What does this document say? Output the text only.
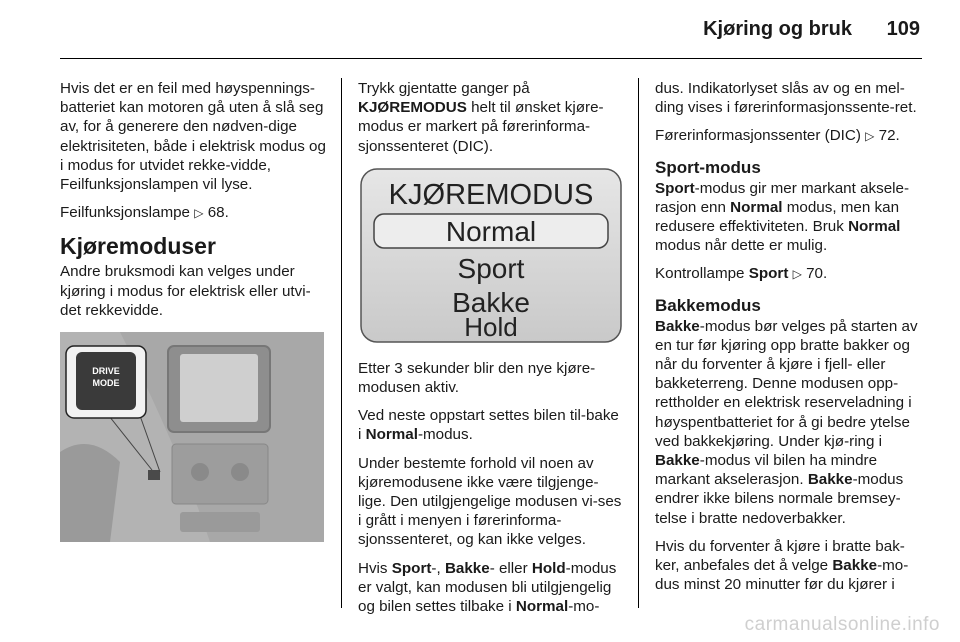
Kjøring og bruk 109

Hvis det er en feil med høyspennings-batteriet kan motoren gå uten å slå seg av, for å generere den nødven-dige elektrisiteten, både i elektrisk modus og i modus for utvidet rekke-vidde, Feilfunksjonslampen vil lyse.

Feilfunksjonslampe ▷ 68.

Kjøremoduser

Andre bruksmodi kan velges under kjøring i modus for elektrisk eller utvi-det rekkevidde.

DRIVE
MODE

Trykk gjentatte ganger på
KJØREMODUS helt til ønsket kjøre-modus er markert på førerinforma-sjonssenteret (DIC).

KJØREMODUS
Normal
Sport
Bakke
Hold

Etter 3 sekunder blir den nye kjøre-modusen aktiv.

Ved neste oppstart settes bilen til-bake i Normal-modus.

Under bestemte forhold vil noen av kjøremodusene ikke være tilgjenge-lige. Den utilgjengelige modusen vi-ses i grått i menyen i førerinforma-sjonssenteret, og kan ikke velges.

Hvis Sport-, Bakke- eller Hold-modus er valgt, kan modusen bli utilgjengelig og bilen settes tilbake i Normal-mo-

dus. Indikatorlyset slås av og en mel-ding vises i førerinformasjonssente-ret.

Førerinformasjonssenter (DIC) ▷ 72.

Sport-modus

Sport-modus gir mer markant aksele-rasjon enn Normal modus, men kan redusere effektiviteten. Bruk Normal modus når dette er mulig.

Kontrollampe Sport ▷ 70.

Bakkemodus

Bakke-modus bør velges på starten av en tur før kjøring opp bratte bakker og når du forventer å kjøre i fjell- eller bakketerreng. Denne modusen opp-rettholder en elektrisk reserveladning i høyspentbatteriet for å gi bedre ytelse ved bakkekjøring. Under kjø-ring i Bakke-modus vil bilen ha mindre markant akselerasjon. Bakke-modus endrer ikke bilens normale bremsey-telse i bratte nedoverbakker.

Hvis du forventer å kjøre i bratte bak-ker, anbefales det å velge Bakke-mo-dus minst 20 minutter før du kjører i

carmanualsonline.info
